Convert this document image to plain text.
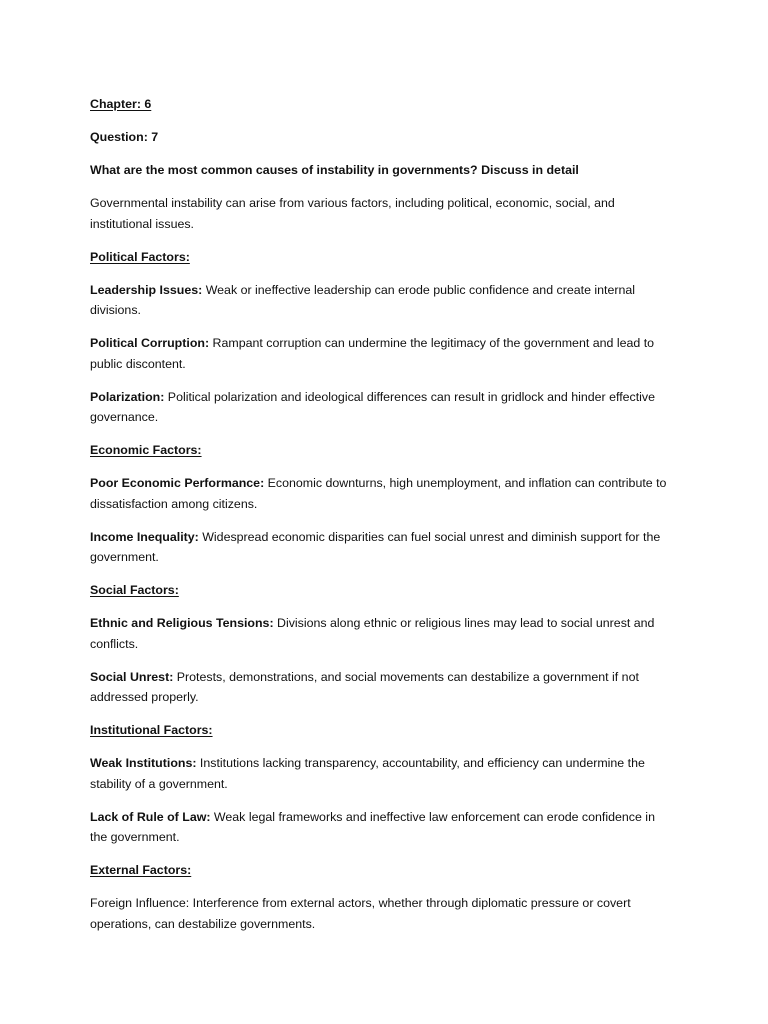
Chapter: 6

Question: 7

What are the most common causes of instability in governments? Discuss in detail

Governmental instability can arise from various factors, including political, economic, social, and

institutional issues.

Political Factors:

Leadership Issues: Weak or ineffective leadership can erode public confidence and create internal

divisions.

Political Corruption: Rampant corruption can undermine the legitimacy of the government and lead to

public discontent.

Polarization: Political polarization and ideological differences can result in gridlock and hinder effective

governance.

Economic Factors:

Poor Economic Performance: Economic downturns, high unemployment, and inflation can contribute to

dissatisfaction among citizens.

Income Inequality: Widespread economic disparities can fuel social unrest and diminish support for the

government.

Social Factors:

Ethnic and Religious Tensions: Divisions along ethnic or religious lines may lead to social unrest and

conflicts.

Social Unrest: Protests, demonstrations, and social movements can destabilize a government if not

addressed properly.

Institutional Factors:

Weak Institutions: Institutions lacking transparency, accountability, and efficiency can undermine the

stability of a government.

Lack of Rule of Law: Weak legal frameworks and ineffective law enforcement can erode confidence in

the government.

External Factors:

Foreign Influence: Interference from external actors, whether through diplomatic pressure or covert

operations, can destabilize governments.
